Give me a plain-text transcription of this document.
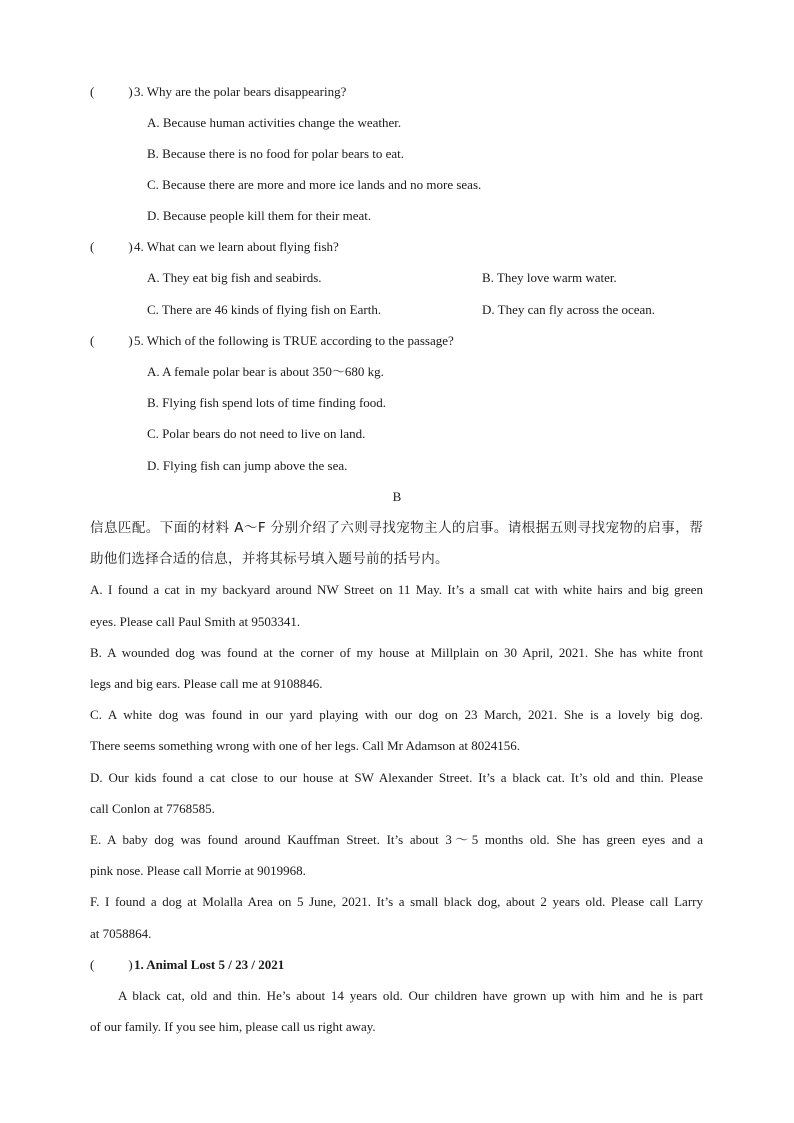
(	)3. Why are the polar bears disappearing?
A. Because human activities change the weather.
B. Because there is no food for polar bears to eat.
C. Because there are more and more ice lands and no more seas.
D. Because people kill them for their meat.
(	)4. What can we learn about flying fish?
A. They eat big fish and seabirds.	B. They love warm water.
C. There are 46 kinds of flying fish on Earth.	D. They can fly across the ocean.
(	)5. Which of the following is TRUE according to the passage?
A. A female polar bear is about 350～680 kg.
B. Flying fish spend lots of time finding food.
C. Polar bears do not need to live on land.
D. Flying fish can jump above the sea.
B
信息匹配。下面的材料 A～F 分别介绍了六则寻找宠物主人的启事。请根据五则寻找宠物的启事，帮
助他们选择合适的信息，并将其标号填入题号前的括号内。
A. I found a cat in my backyard around NW Street on 11 May. It’s a small cat with white hairs and big green
eyes. Please call Paul Smith at 9503341.
B. A wounded dog was found at the corner of my house at Millplain on 30 April, 2021. She has white front
legs and big ears. Please call me at 9108846.
C. A white dog was found in our yard playing with our dog on 23 March, 2021. She is a lovely big dog.
There seems something wrong with one of her legs. Call Mr Adamson at 8024156.
D. Our kids found a cat close to our house at SW Alexander Street. It’s a black cat. It’s old and thin. Please
call Conlon at 7768585.
E. A baby dog was found around Kauffman Street. It’s about 3～5 months old. She has green eyes and a
pink nose. Please call Morrie at 9019968.
F. I found a dog at Molalla Area on 5 June, 2021. It’s a small black dog, about 2 years old. Please call Larry
at 7058864.
(	)1. Animal Lost 5 / 23 / 2021
A black cat, old and thin. He’s about 14 years old. Our children have grown up with him and he is part
of our family. If you see him, please call us right away.
